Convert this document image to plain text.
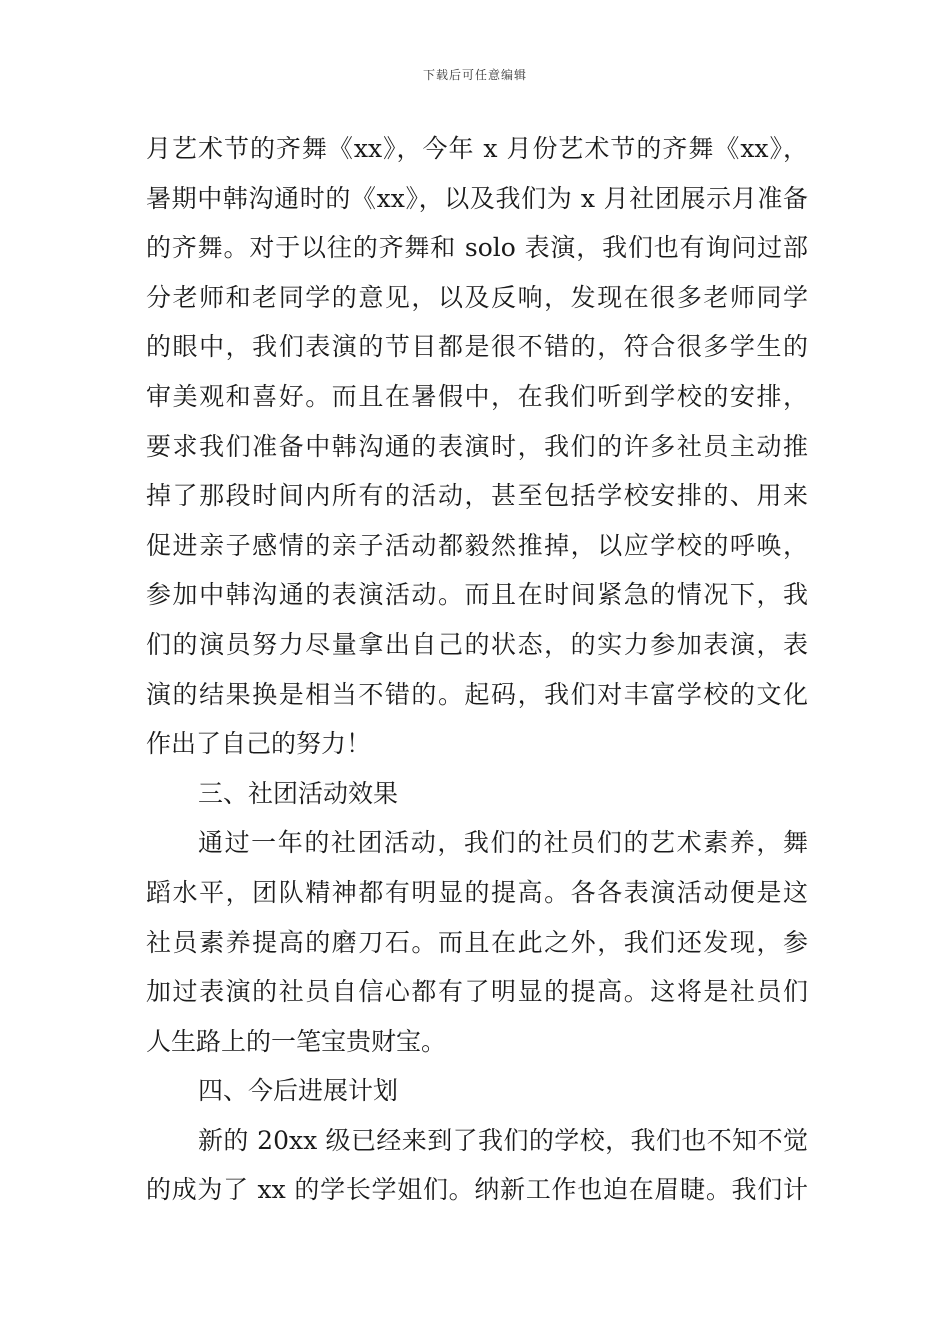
下载后可任意编辑
月艺术节的齐舞《xx》，今年 x 月份艺术节的齐舞《xx》，
暑期中韩沟通时的《xx》，以及我们为 x 月社团展示月准备
的齐舞。对于以往的齐舞和 solo 表演，我们也有询问过部
分老师和老同学的意见，以及反响，发现在很多老师同学
的眼中，我们表演的节目都是很不错的，符合很多学生的
审美观和喜好。而且在暑假中，在我们听到学校的安排，
要求我们准备中韩沟通的表演时，我们的许多社员主动推
掉了那段时间内所有的活动，甚至包括学校安排的、用来
促进亲子感情的亲子活动都毅然推掉，以应学校的呼唤，
参加中韩沟通的表演活动。而且在时间紧急的情况下，我
们的演员努力尽量拿出自己的状态，的实力参加表演，表
演的结果换是相当不错的。起码，我们对丰富学校的文化
作出了自己的努力！
三、社团活动效果
通过一年的社团活动，我们的社员们的艺术素养，舞
蹈水平，团队精神都有明显的提高。各各表演活动便是这
社员素养提高的磨刀石。而且在此之外，我们还发现，参
加过表演的社员自信心都有了明显的提高。这将是社员们
人生路上的一笔宝贵财宝。
四、今后进展计划
新的 20xx 级已经来到了我们的学校，我们也不知不觉
的成为了 xx 的学长学姐们。纳新工作也迫在眉睫。我们计
